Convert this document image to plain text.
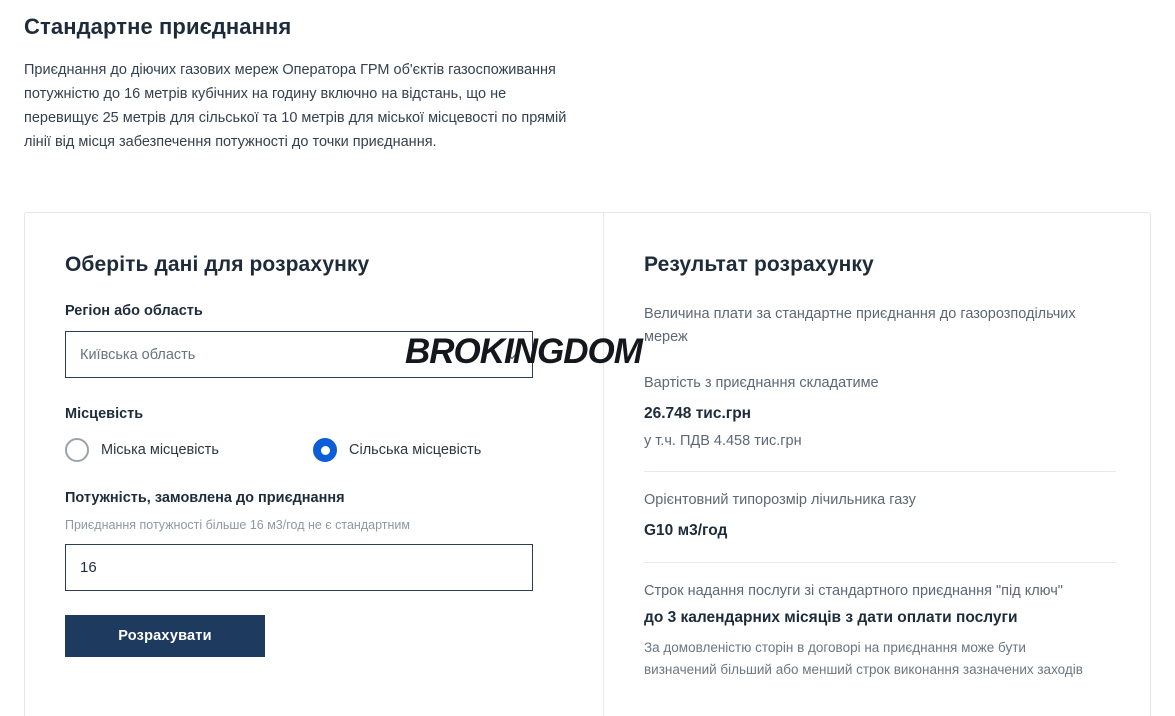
Стандартне приєднання
Приєднання до діючих газових мереж Оператора ГРМ об'єктів газоспоживання потужністю до 16 метрів кубічних на годину включно на відстань, що не перевищує 25 метрів для сільської та 10 метрів для міської місцевості по прямій лінії від місця забезпечення потужності до точки приєднання.
Оберіть дані для розрахунку
Регіон або область
Київська область
Місцевість
Міська місцевість	Сільська місцевість
Потужність, замовлена до приєднання
Приєднання потужності більше 16 м3/год не є стандартним
16 Розрахувати
Результат розрахунку
Величина плати за стандартне приєднання до газорозподільчих мереж
Вартість з приєднання складатиме
26.748 тис.грн
у т.ч. ПДВ 4.458 тис.грн
Орієнтовний типорозмір лічильника газу
G10 м3/год
Строк надання послуги зі стандартного приєднання "під ключ"
до 3 календарних місяців з дати оплати послуги
За домовленістю сторін в договорі на приєднання може бути визначений більший або менший строк виконання зазначених заходів
BROKINGDOM
